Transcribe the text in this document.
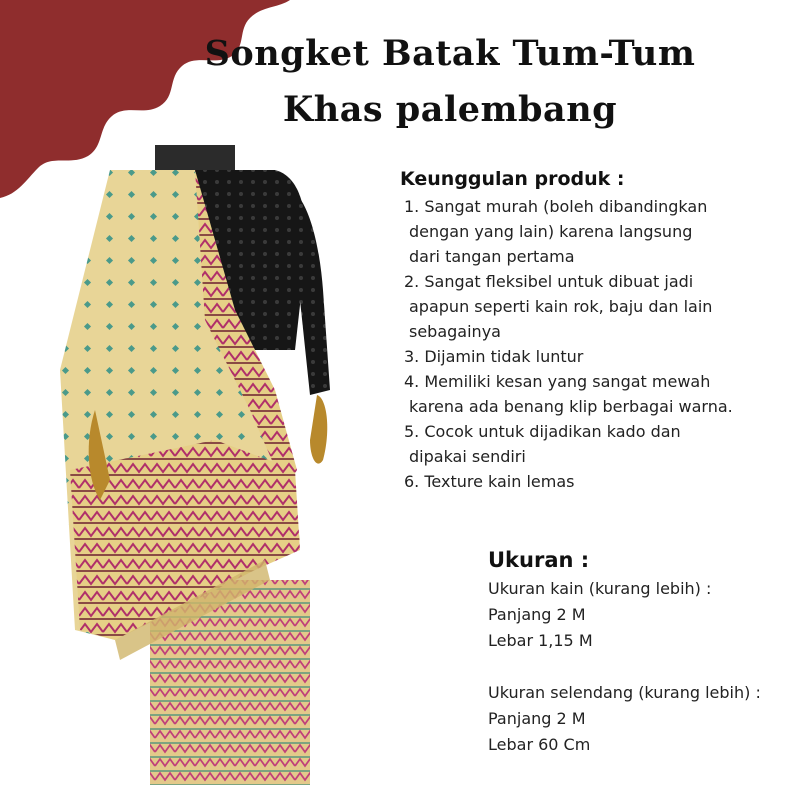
Songket Batak Tum-Tum
Khas palembang
Keunggulan produk :
1. Sangat murah (boleh dibandingkan
dengan yang lain) karena langsung
dari tangan pertama
2. Sangat fleksibel untuk dibuat jadi
apapun seperti kain rok, baju dan lain
sebagainya
3. Dijamin tidak luntur
4. Memiliki kesan yang sangat mewah
karena ada benang klip berbagai warna.
5. Cocok untuk dijadikan kado dan
dipakai sendiri
6. Texture kain lemas
Ukuran :

Ukuran kain (kurang lebih) :

Panjang 2 M

Lebar 1,15 M

Ukuran selendang (kurang lebih) :

Panjang 2 M

Lebar 60 Cm
